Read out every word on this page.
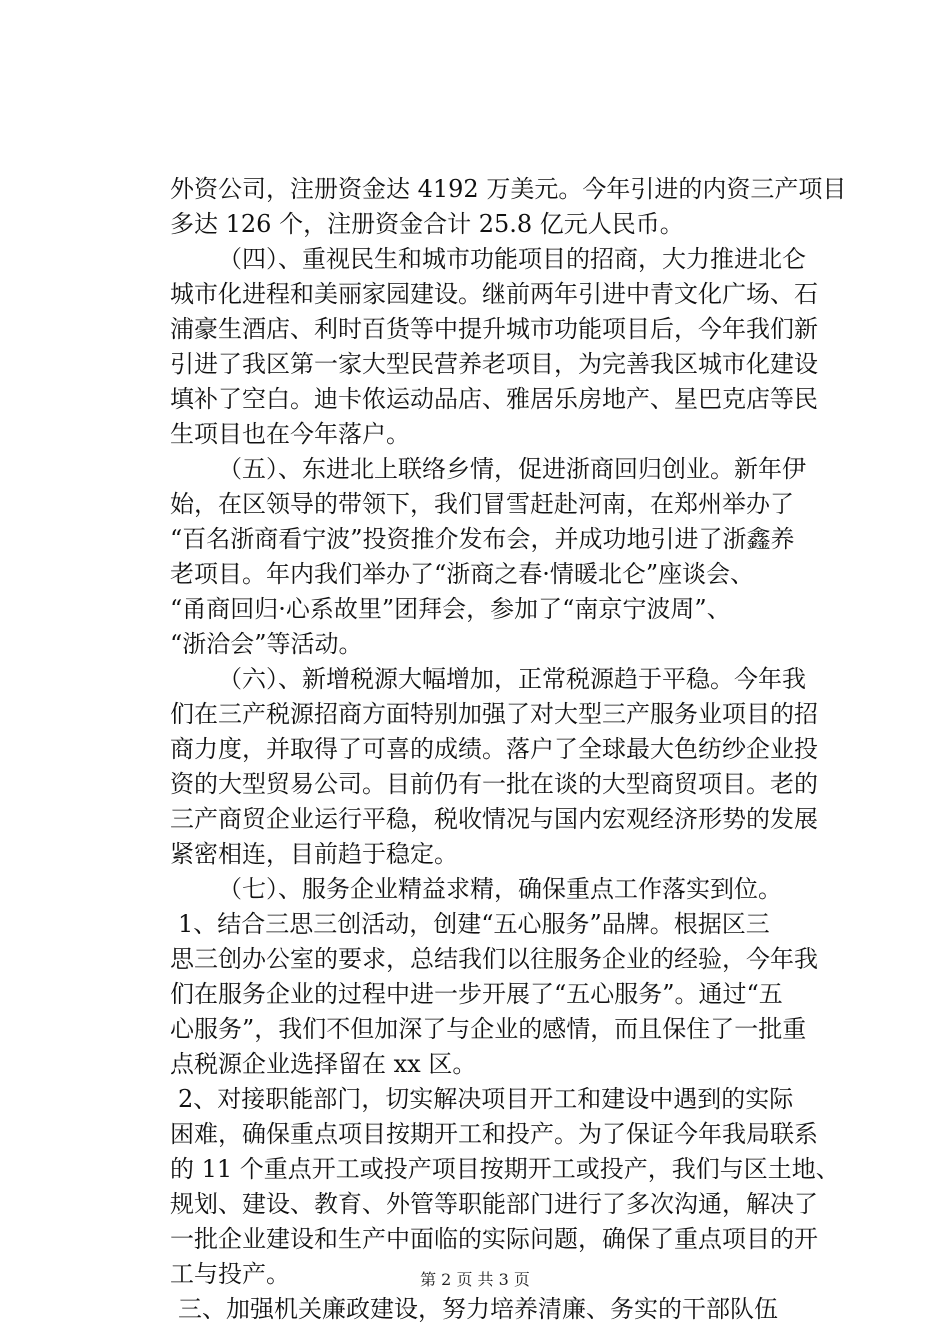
外资公司，注册资金达 4192 万美元。今年引进的内资三产项目
多达 126 个，注册资金合计 25.8 亿元人民币。
（四）、重视民生和城市功能项目的招商，大力推进北仑
城市化进程和美丽家园建设。继前两年引进中青文化广场、石
浦豪生酒店、利时百货等中提升城市功能项目后，今年我们新
引进了我区第一家大型民营养老项目，为完善我区城市化建设
填补了空白。迪卡侬运动品店、雅居乐房地产、星巴克店等民
生项目也在今年落户。
（五）、东进北上联络乡情，促进浙商回归创业。新年伊
始，在区领导的带领下，我们冒雪赶赴河南，在郑州举办了
“百名浙商看宁波”投资推介发布会，并成功地引进了浙鑫养
老项目。年内我们举办了“浙商之春·情暖北仑”座谈会、
“甬商回归·心系故里”团拜会，参加了“南京宁波周”、
“浙洽会”等活动。
（六）、新增税源大幅增加，正常税源趋于平稳。今年我
们在三产税源招商方面特别加强了对大型三产服务业项目的招
商力度，并取得了可喜的成绩。落户了全球最大色纺纱企业投
资的大型贸易公司。目前仍有一批在谈的大型商贸项目。老的
三产商贸企业运行平稳，税收情况与国内宏观经济形势的发展
紧密相连，目前趋于稳定。
（七）、服务企业精益求精，确保重点工作落实到位。
1、结合三思三创活动，创建“五心服务”品牌。根据区三
思三创办公室的要求，总结我们以往服务企业的经验，今年我
们在服务企业的过程中进一步开展了“五心服务”。通过“五
心服务”，我们不但加深了与企业的感情，而且保住了一批重
点税源企业选择留在 xx 区。
2、对接职能部门，切实解决项目开工和建设中遇到的实际
困难，确保重点项目按期开工和投产。为了保证今年我局联系
的 11 个重点开工或投产项目按期开工或投产，我们与区土地、
规划、建设、教育、外管等职能部门进行了多次沟通，解决了
一批企业建设和生产中面临的实际问题，确保了重点项目的开
工与投产。
三、加强机关廉政建设，努力培养清廉、务实的干部队伍
第 2 页 共 3 页
